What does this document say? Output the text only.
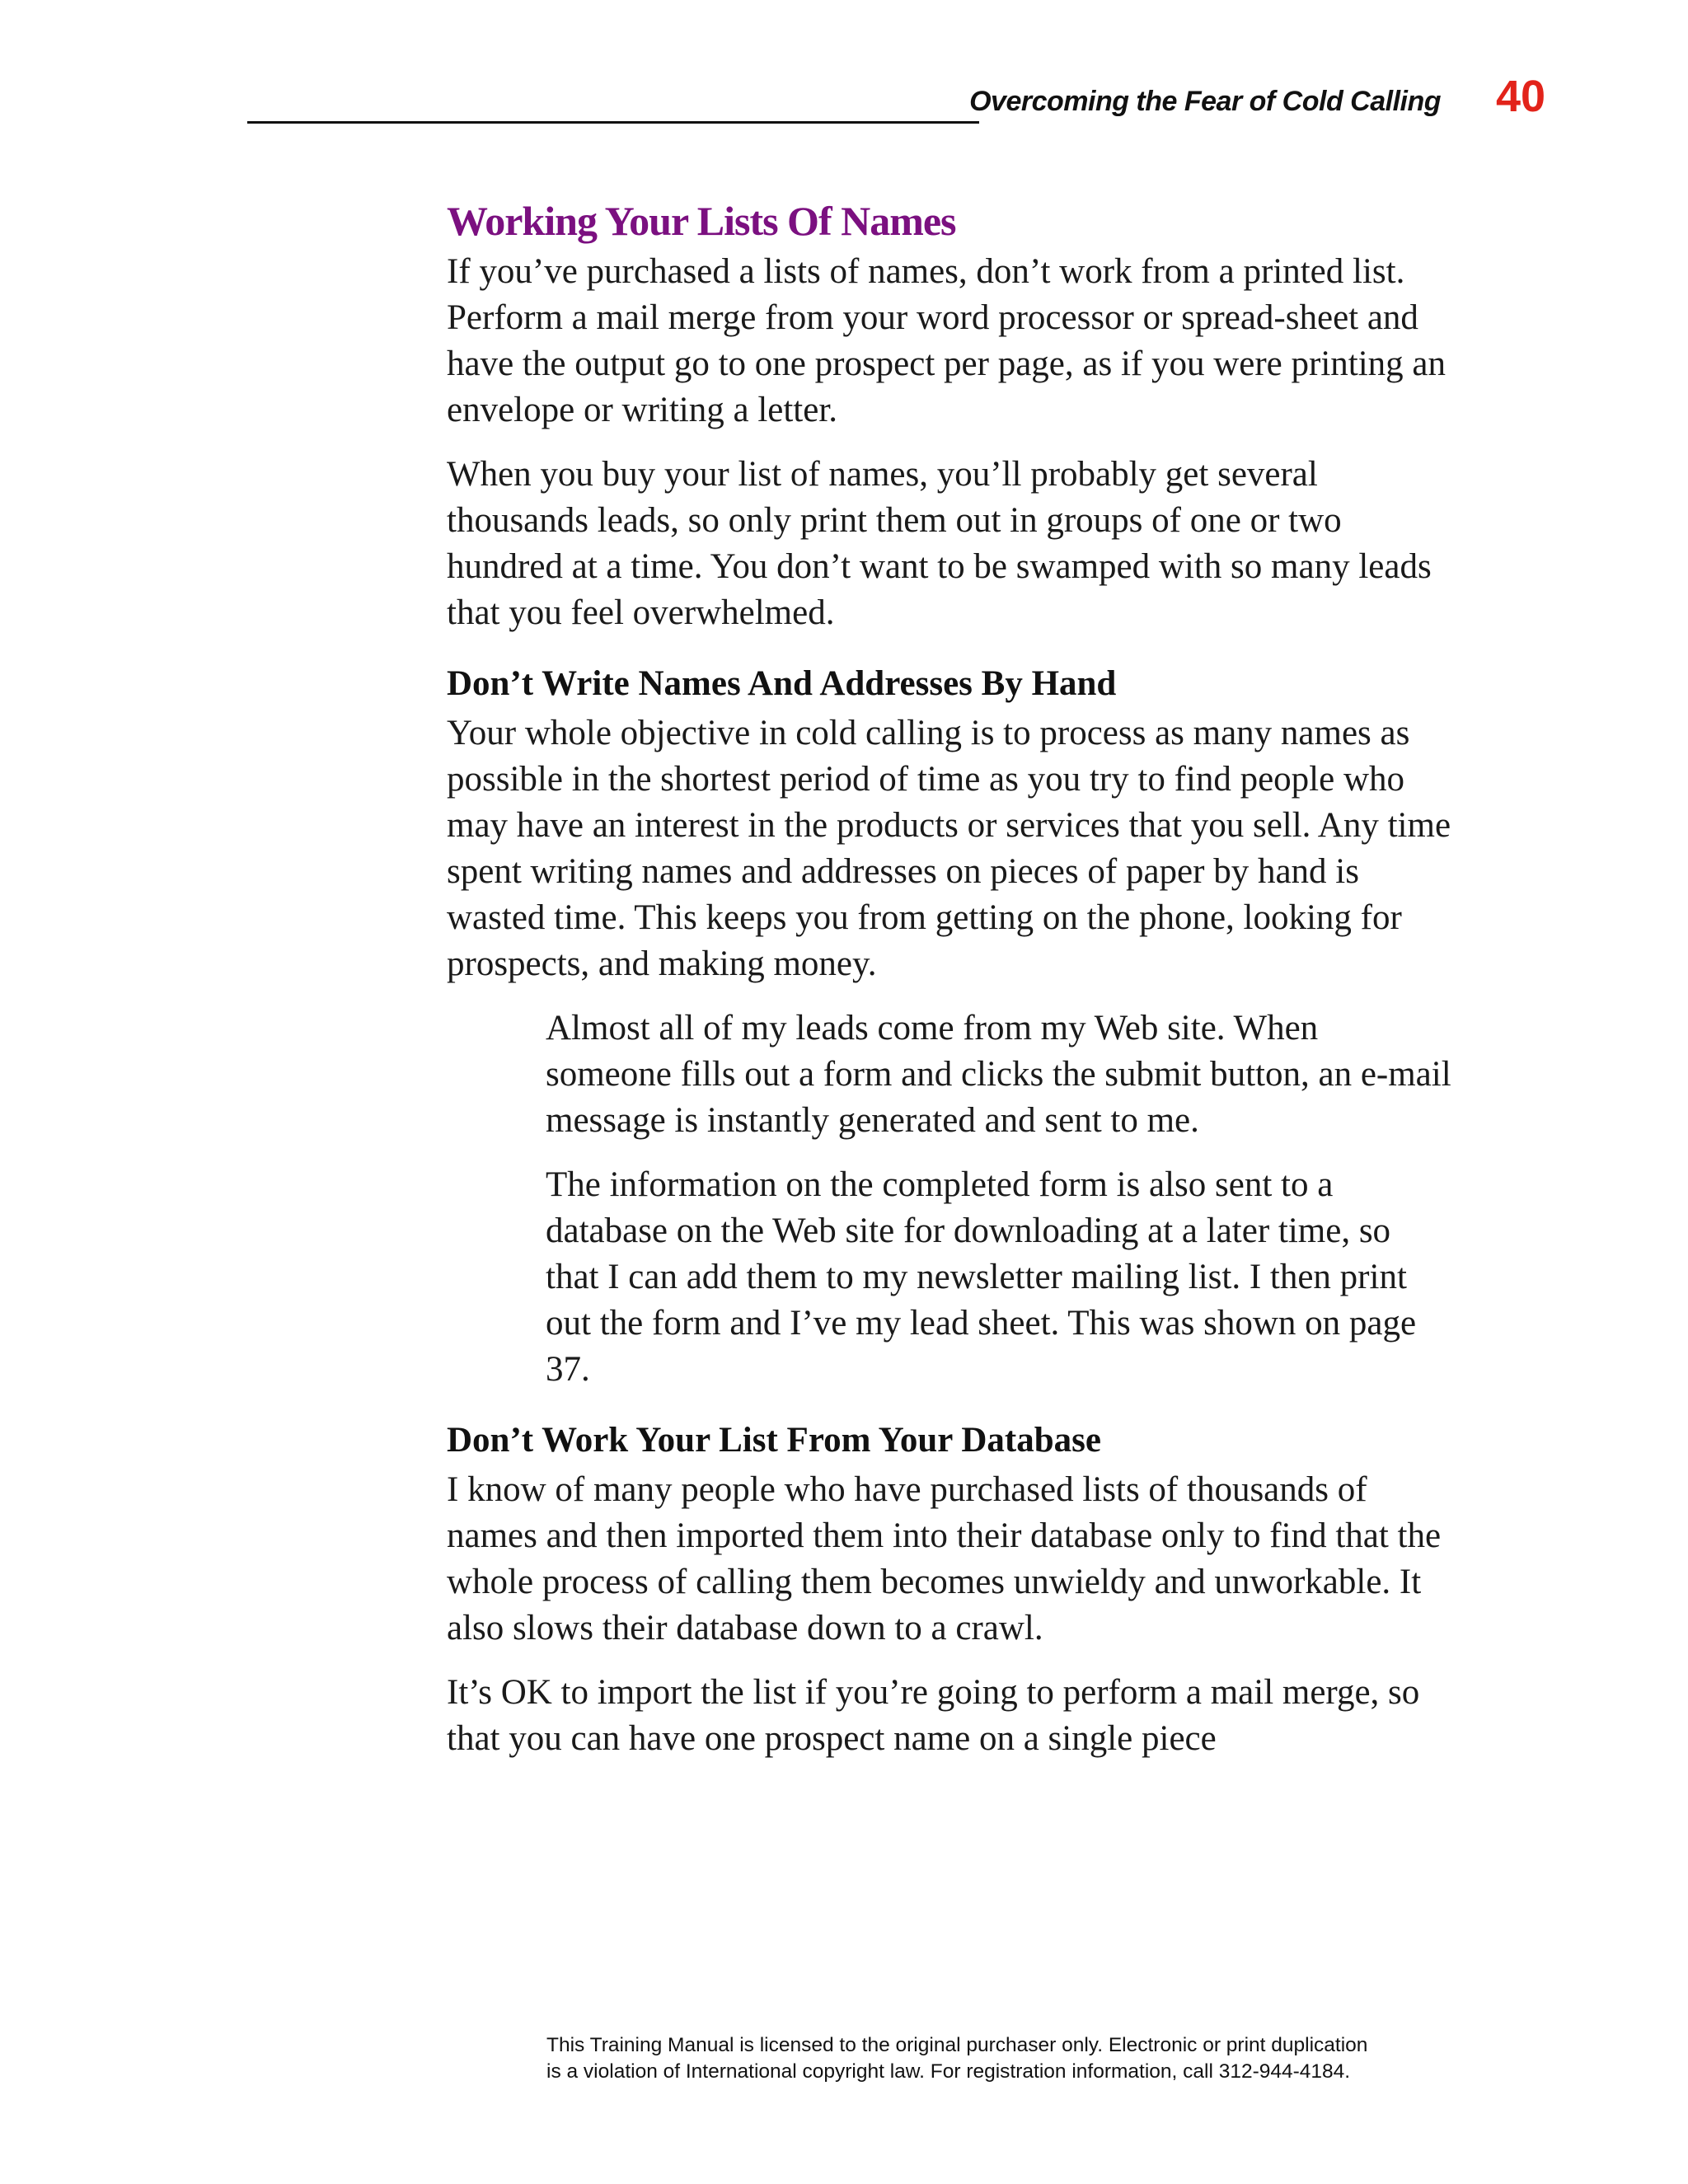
Overcoming the Fear of Cold Calling 40
Working Your Lists Of Names

If you’ve purchased a lists of names, don’t work from a printed list. Perform a mail merge from your word processor or spread-sheet and have the output go to one prospect per page, as if you were printing an envelope or writing a letter.

When you buy your list of names, you’ll probably get several thousands leads, so only print them out in groups of one or two hundred at a time. You don’t want to be swamped with so many leads that you feel overwhelmed.

Don’t Write Names And Addresses By Hand

Your whole objective in cold calling is to process as many names as possible in the shortest period of time as you try to find people who may have an interest in the products or services that you sell. Any time spent writing names and addresses on pieces of paper by hand is wasted time. This keeps you from getting on the phone, looking for prospects, and making money.

Almost all of my leads come from my Web site. When someone fills out a form and clicks the submit button, an e-mail message is instantly generated and sent to me.

The information on the completed form is also sent to a database on the Web site for downloading at a later time, so that I can add them to my newsletter mailing list. I then print out the form and I’ve my lead sheet. This was shown on page 37.

Don’t Work Your List From Your Database

I know of many people who have purchased lists of thousands of names and then imported them into their database only to find that the whole process of calling them becomes unwieldy and unworkable. It also slows their database down to a crawl.

It’s OK to import the list if you’re going to perform a mail merge, so that you can have one prospect name on a single piece

This Training Manual is licensed to the original purchaser only. Electronic or print duplication
is a violation of International copyright law. For registration information, call 312-944-4184.
